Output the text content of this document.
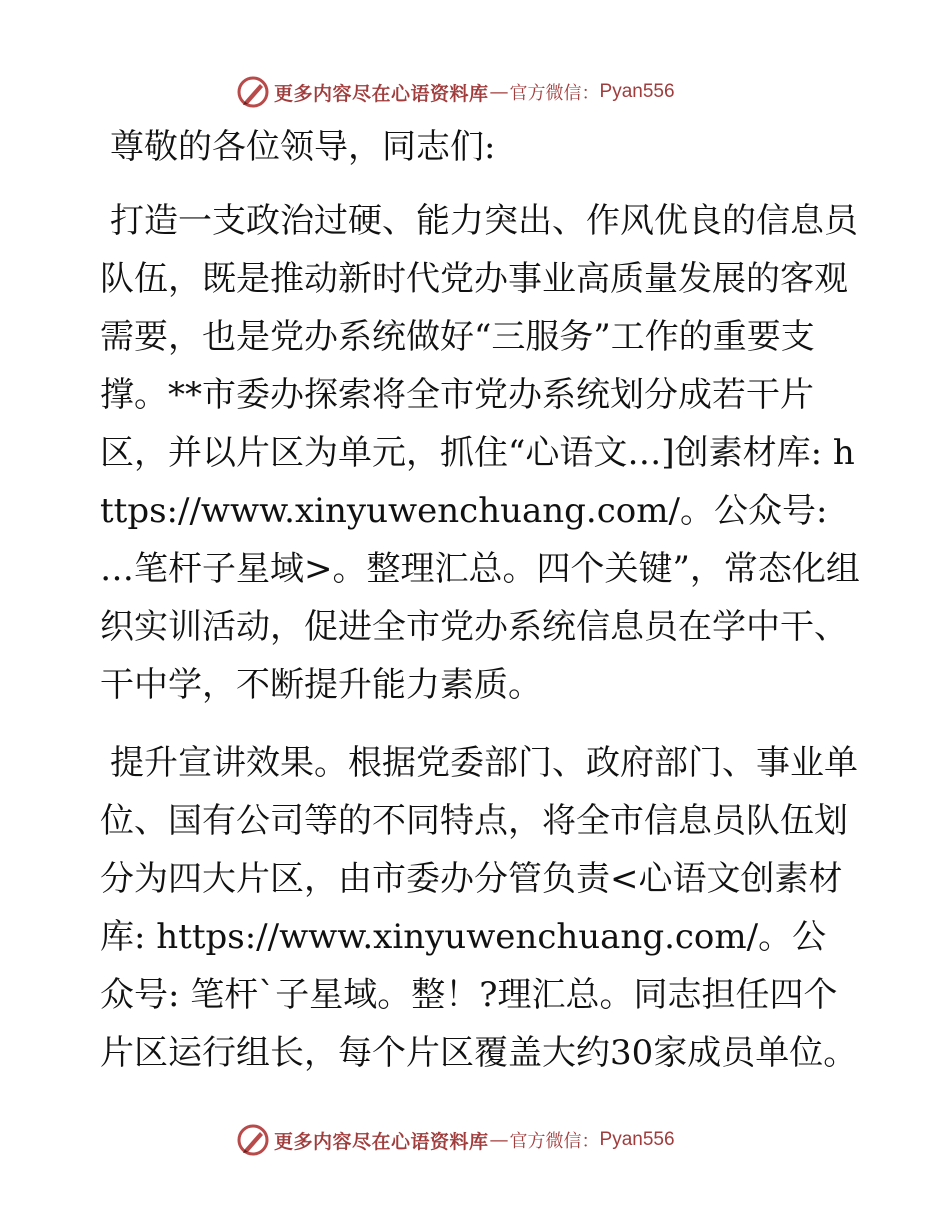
更多内容尽在心语资料库 — 官方微信： Pyan556

尊敬的各位领导，同志们:

打造一支政治过硬、能力突出、作风优良的信息员队伍，既是推动新时代党办事业高质量发展的客观需要，也是党办系统做好“三服务”工作的重要支撑。**市委办探索将全市党办系统划分成若干片区，并以片区为单元，抓住“心语文…]创素材库: https://www.xinyuwenchuang.com/。公众号: …笔杆子星域>。整理汇总。四个关键”，常态化组织实训活动，促进全市党办系统信息员在学中干、干中学，不断提升能力素质。

提升宣讲效果。根据党委部门、政府部门、事业单位、国有公司等的不同特点，将全市信息员队伍划分为四大片区，由市委办分管负责<心语文创素材库: https://www.xinyuwenchuang.com/。公众号: 笔杆`子星域。整！?理汇总。同志担任四个片区运行组长，每个片区覆盖大约30家成员单位。

更多内容尽在心语资料库 — 官方微信： Pyan556
